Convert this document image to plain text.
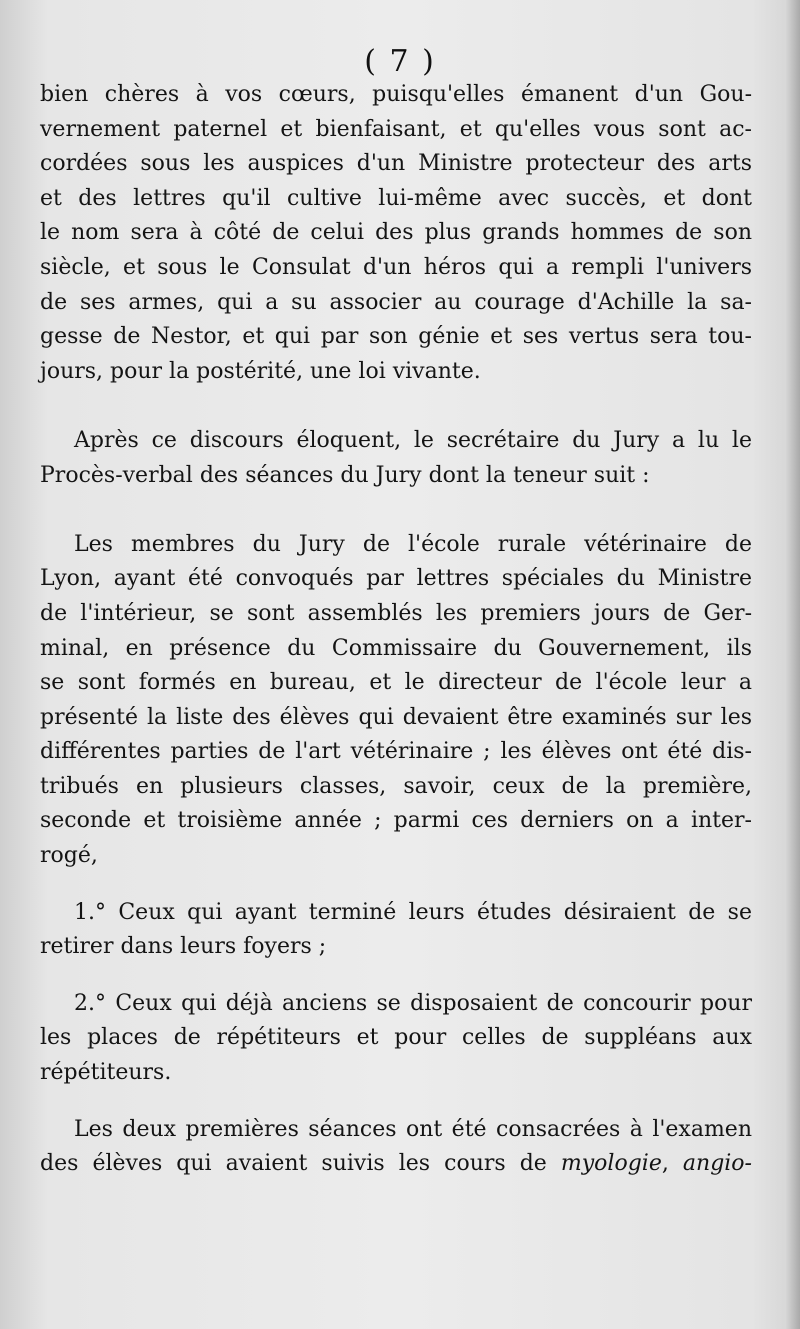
( 7 )
bien chères à vos cœurs, puisqu'elles émanent d'un Gou-
vernement paternel et bienfaisant, et qu'elles vous sont ac-
cordées sous les auspices d'un Ministre protecteur des arts
et des lettres qu'il cultive lui-même avec succès, et dont
le nom sera à côté de celui des plus grands hommes de son
siècle, et sous le Consulat d'un héros qui a rempli l'univers
de ses armes, qui a su associer au courage d'Achille la sa-
gesse de Nestor, et qui par son génie et ses vertus sera tou-
jours, pour la postérité, une loi vivante.
Après ce discours éloquent, le secrétaire du Jury a lu le
Procès-verbal des séances du Jury dont la teneur suit :
Les membres du Jury de l'école rurale vétérinaire de
Lyon, ayant été convoqués par lettres spéciales du Ministre
de l'intérieur, se sont assemblés les premiers jours de Ger-
minal, en présence du Commissaire du Gouvernement, ils
se sont formés en bureau, et le directeur de l'école leur a
présenté la liste des élèves qui devaient être examinés sur les
différentes parties de l'art vétérinaire ; les élèves ont été dis-
tribués en plusieurs classes, savoir, ceux de la première,
seconde et troisième année ; parmi ces derniers on a inter-
rogé,
1.° Ceux qui ayant terminé leurs études désiraient de se
retirer dans leurs foyers ;
2.° Ceux qui déjà anciens se disposaient de concourir pour
les places de répétiteurs et pour celles de suppléans aux
répétiteurs.
Les deux premières séances ont été consacrées à l'examen
des élèves qui avaient suivis les cours de myologie, angio-
